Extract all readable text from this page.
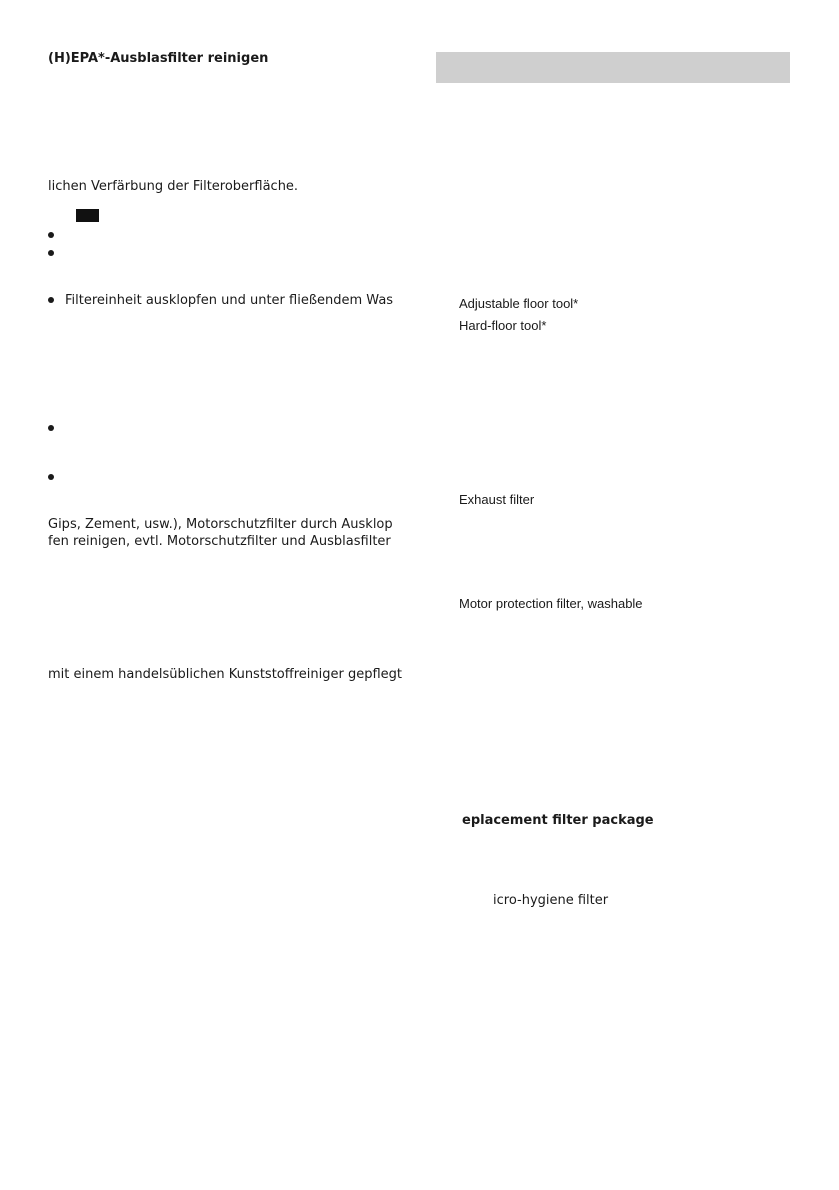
(H)EPA*-Ausblasfilter reinigen
lichen Verfärbung der Filteroberfläche.
Filtereinheit ausklopfen und unter fließendem Was
Gips, Zement, usw.), Motorschutzfilter durch Ausklop
fen reinigen, evtl. Motorschutzfilter und Ausblasfilter
mit einem handelsüblichen Kunststoffreiniger gepflegt
Adjustable floor tool*
Hard-floor tool*
Exhaust filter
Motor protection filter, washable
eplacement filter package
icro-hygiene filter
